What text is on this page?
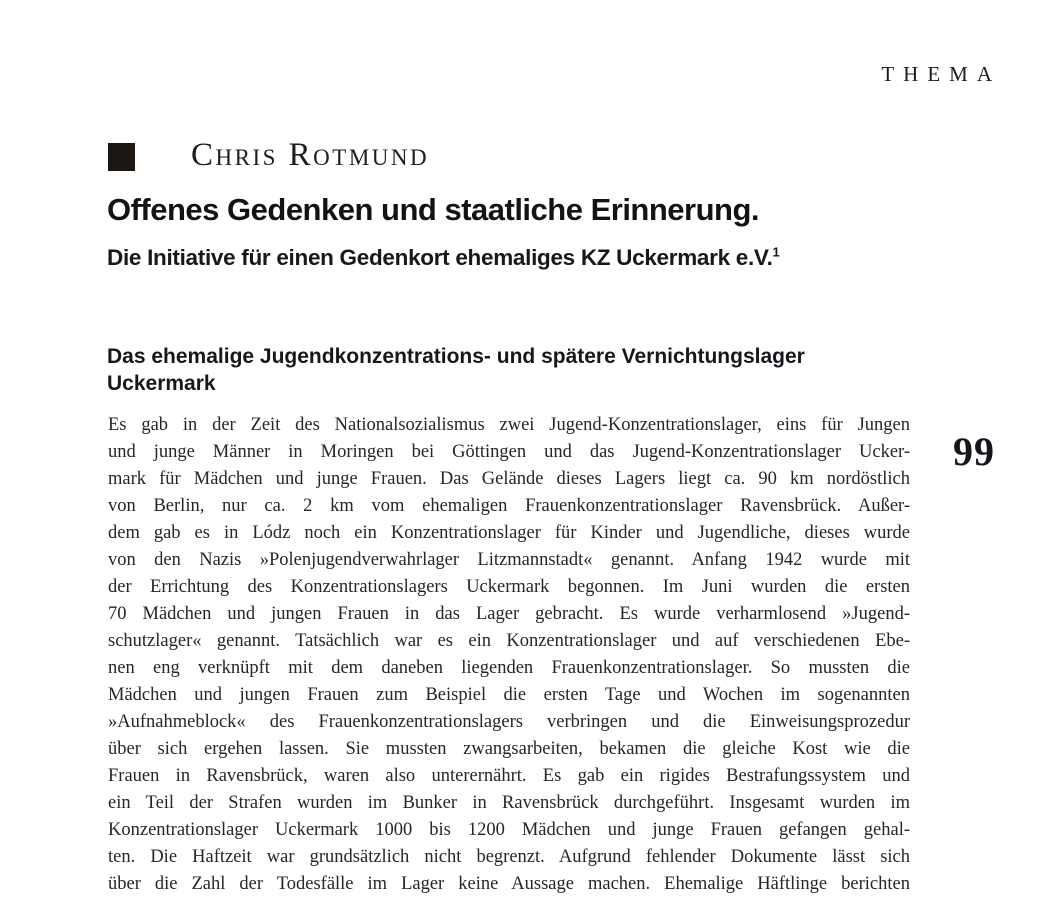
THEMA
Chris Rotmund
Offenes Gedenken und staatliche Erinnerung.
Die Initiative für einen Gedenkort ehemaliges KZ Uckermark e.V.$^1$
Das ehemalige Jugendkonzentrations- und spätere Vernichtungslager
Uckermark
Es gab in der Zeit des Nationalsozialismus zwei Jugend-Konzentrationslager, eins für Jungen
und junge Männer in Moringen bei Göttingen und das Jugend-Konzentrationslager Ucker-
mark für Mädchen und junge Frauen. Das Gelände dieses Lagers liegt ca. 90 km nordöstlich
von Berlin, nur ca. 2 km vom ehemaligen Frauenkonzentrationslager Ravensbrück. Außer-
dem gab es in Lódz noch ein Konzentrationslager für Kinder und Jugendliche, dieses wurde
von den Nazis »Polenjugendverwahrlager Litzmannstadt« genannt. Anfang 1942 wurde mit
der Errichtung des Konzentrationslagers Uckermark begonnen. Im Juni wurden die ersten
70 Mädchen und jungen Frauen in das Lager gebracht. Es wurde verharmlosend »Jugend-
schutzlager« genannt. Tatsächlich war es ein Konzentrationslager und auf verschiedenen Ebe-
nen eng verknüpft mit dem daneben liegenden Frauenkonzentrationslager. So mussten die
Mädchen und jungen Frauen zum Beispiel die ersten Tage und Wochen im sogenannten
»Aufnahmeblock« des Frauenkonzentrationslagers verbringen und die Einweisungsprozedur
über sich ergehen lassen. Sie mussten zwangsarbeiten, bekamen die gleiche Kost wie die
Frauen in Ravensbrück, waren also unterernährt. Es gab ein rigides Bestrafungssystem und
ein Teil der Strafen wurden im Bunker in Ravensbrück durchgeführt. Insgesamt wurden im
Konzentrationslager Uckermark 1000 bis 1200 Mädchen und junge Frauen gefangen gehal-
ten. Die Haftzeit war grundsätzlich nicht begrenzt. Aufgrund fehlender Dokumente lässt sich
über die Zahl der Todesfälle im Lager keine Aussage machen. Ehemalige Häftlinge berichten
99
